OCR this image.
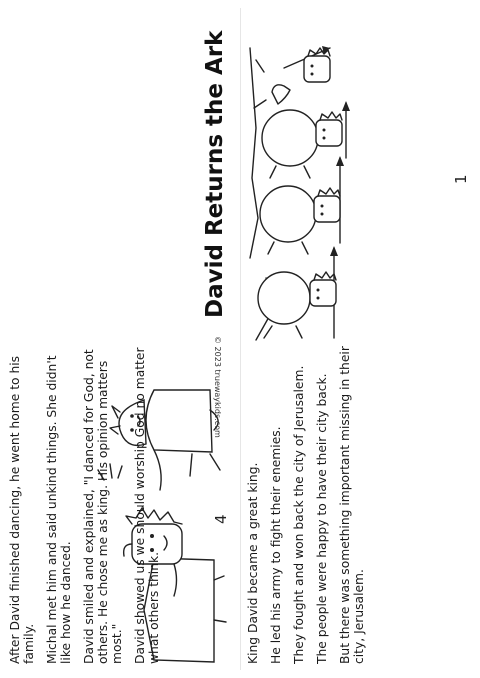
David Returns the Ark

King David became a great king. He led his army to fight their enemies. They fought and won back the city of Jerusalem. The people were happy to have their city back. But there was something important missing in their city, Jerusalem.

1
© 2023 truewaykids.com

After David finished dancing, he went home to his family. Michal met him and said unkind things. She didn't like how he danced. David smiled and explained, "I danced for God, not others. He chose me as king. His opinion matters most." David showed us we should worship God no matter what others think.

4
